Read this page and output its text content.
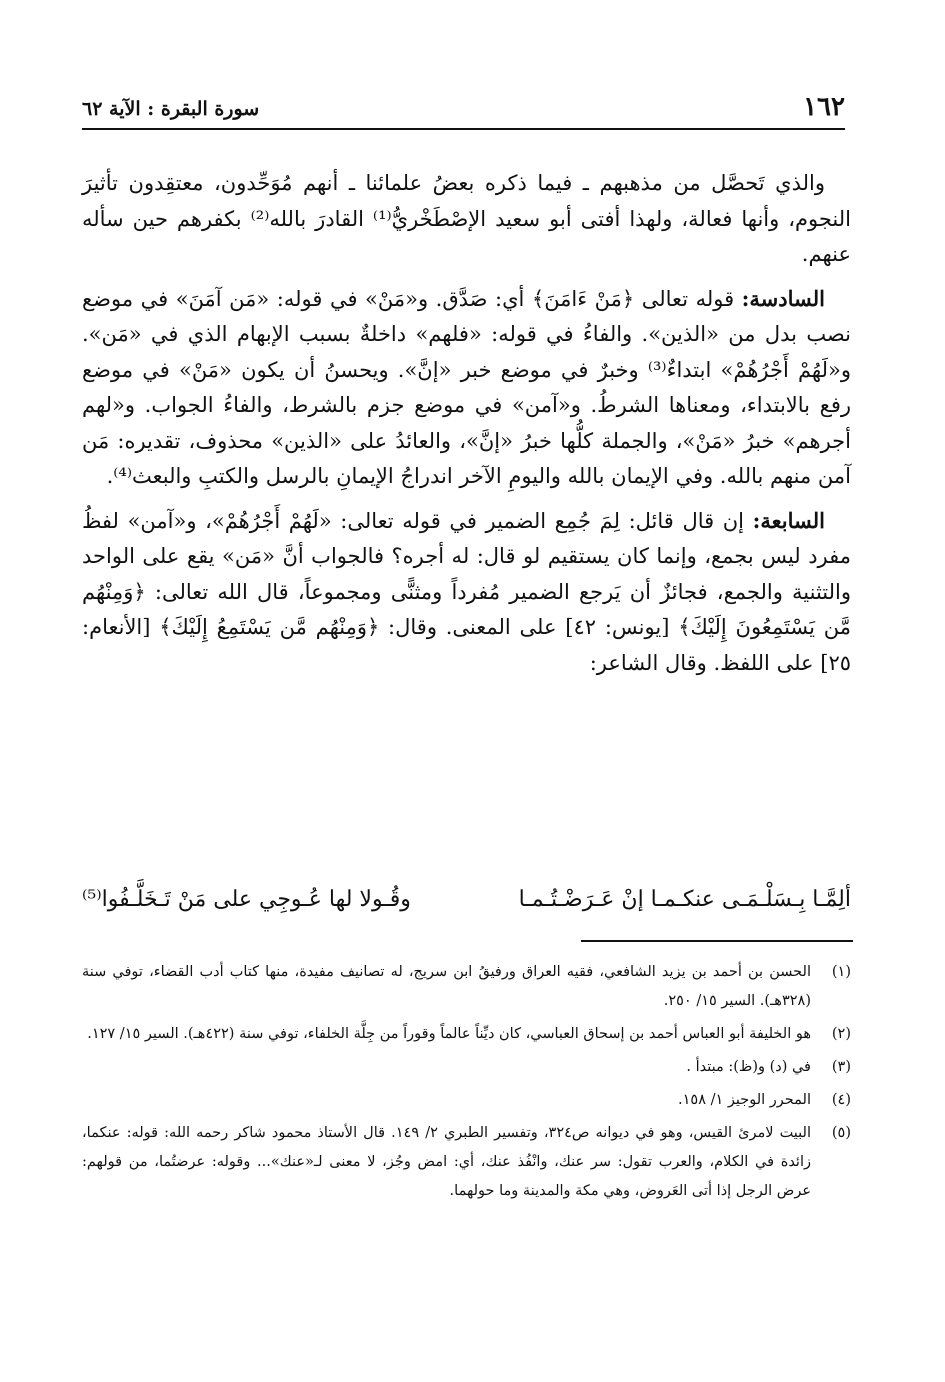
١٦٢
سورة البقرة : الآية ٦٢

والذي تَحصَّل من مذهبهم ـ فيما ذكره بعضُ علمائنا ـ أنهم مُوَحِّدون، معتقِدون تأثيرَ النجوم، وأنها فعالة، ولهذا أفتى أبو سعيد الإصْطَخْريُّ⁽¹⁾ القادرَ بالله⁽²⁾ بكفرهم حين سأله عنهم.

السادسة: قوله تعالى ﴿مَنْ ءَامَنَ﴾ أي: صَدَّق. و«مَنْ» في قوله: «مَن آمَنَ» في موضع نصب بدل من «الذين». والفاءُ في قوله: «فلهم» داخلةٌ بسبب الإبهام الذي في «مَن». و«لَهُمْ أَجْرُهُمْ» ابتداءٌ⁽³⁾ وخبرٌ في موضع خبر «إنَّ». ويحسنُ أن يكون «مَنْ» في موضع رفع بالابتداء، ومعناها الشرطُ. و«آمن» في موضع جزم بالشرط، والفاءُ الجواب. و«لهم أجرهم» خبرُ «مَنْ»، والجملة كلُّها خبرُ «إنَّ»، والعائدُ على «الذين» محذوف، تقديره: مَن آمن منهم بالله. وفي الإيمان بالله واليومِ الآخر اندراجُ الإيمانِ بالرسل والكتبِ والبعث⁽⁴⁾.

السابعة: إن قال قائل: لِمَ جُمِع الضمير في قوله تعالى: «لَهُمْ أَجْرُهُمْ»، و«آمن» لفظُ مفرد ليس بجمع، وإنما كان يستقيم لو قال: له أجره؟ فالجواب أنَّ «مَن» يقع على الواحد والتثنية والجمع، فجائزٌ أن يَرجع الضمير مُفرداً ومثنًّى ومجموعاً، قال الله تعالى: ﴿وَمِنْهُم مَّن يَسْتَمِعُونَ إِلَيْكَ﴾ [يونس: ٤٢] على المعنى. وقال: ﴿وَمِنْهُم مَّن يَسْتَمِعُ إِلَيْكَ﴾ [الأنعام: ٢٥] على اللفظ. وقال الشاعر:

ألِمَّـا بِـسَلْـمَـى عنكـمـا إنْ عَـرَضْـتُـمـا
وقُـولا لها عُـوجِي على مَنْ تَـخَلَّـفُوا⁽⁵⁾
(١)
الحسن بن أحمد بن يزيد الشافعي، فقيه العراق ورفيقُ ابن سريج، له تصانيف مفيدة، منها كتاب أدب القضاء، توفي سنة (٣٢٨هـ). السير ١٥/ ٢٥٠.
(٢)
هو الخليفة أبو العباس أحمد بن إسحاق العباسي، كان ديِّناً عالماً وقوراً من جِلَّة الخلفاء، توفي سنة (٤٢٢هـ). السير ١٥/ ١٢٧.
(٣)
في (د) و(ظ): مبتدأ .
(٤)
المحرر الوجيز ١/ ١٥٨.
(٥)
البيت لامرئ القيس، وهو في ديوانه ص٣٢٤، وتفسير الطبري ٢/ ١٤٩. قال الأستاذ محمود شاكر رحمه الله: قوله: عنكما، زائدة في الكلام، والعرب تقول: سر عنك، وانْفُذ عنك، أي: امض وجُز، لا معنى لـ«عنك»... وقوله: عرضتُما، من قولهم: عرض الرجل إذا أتى العَروض، وهي مكة والمدينة وما حولهما.
